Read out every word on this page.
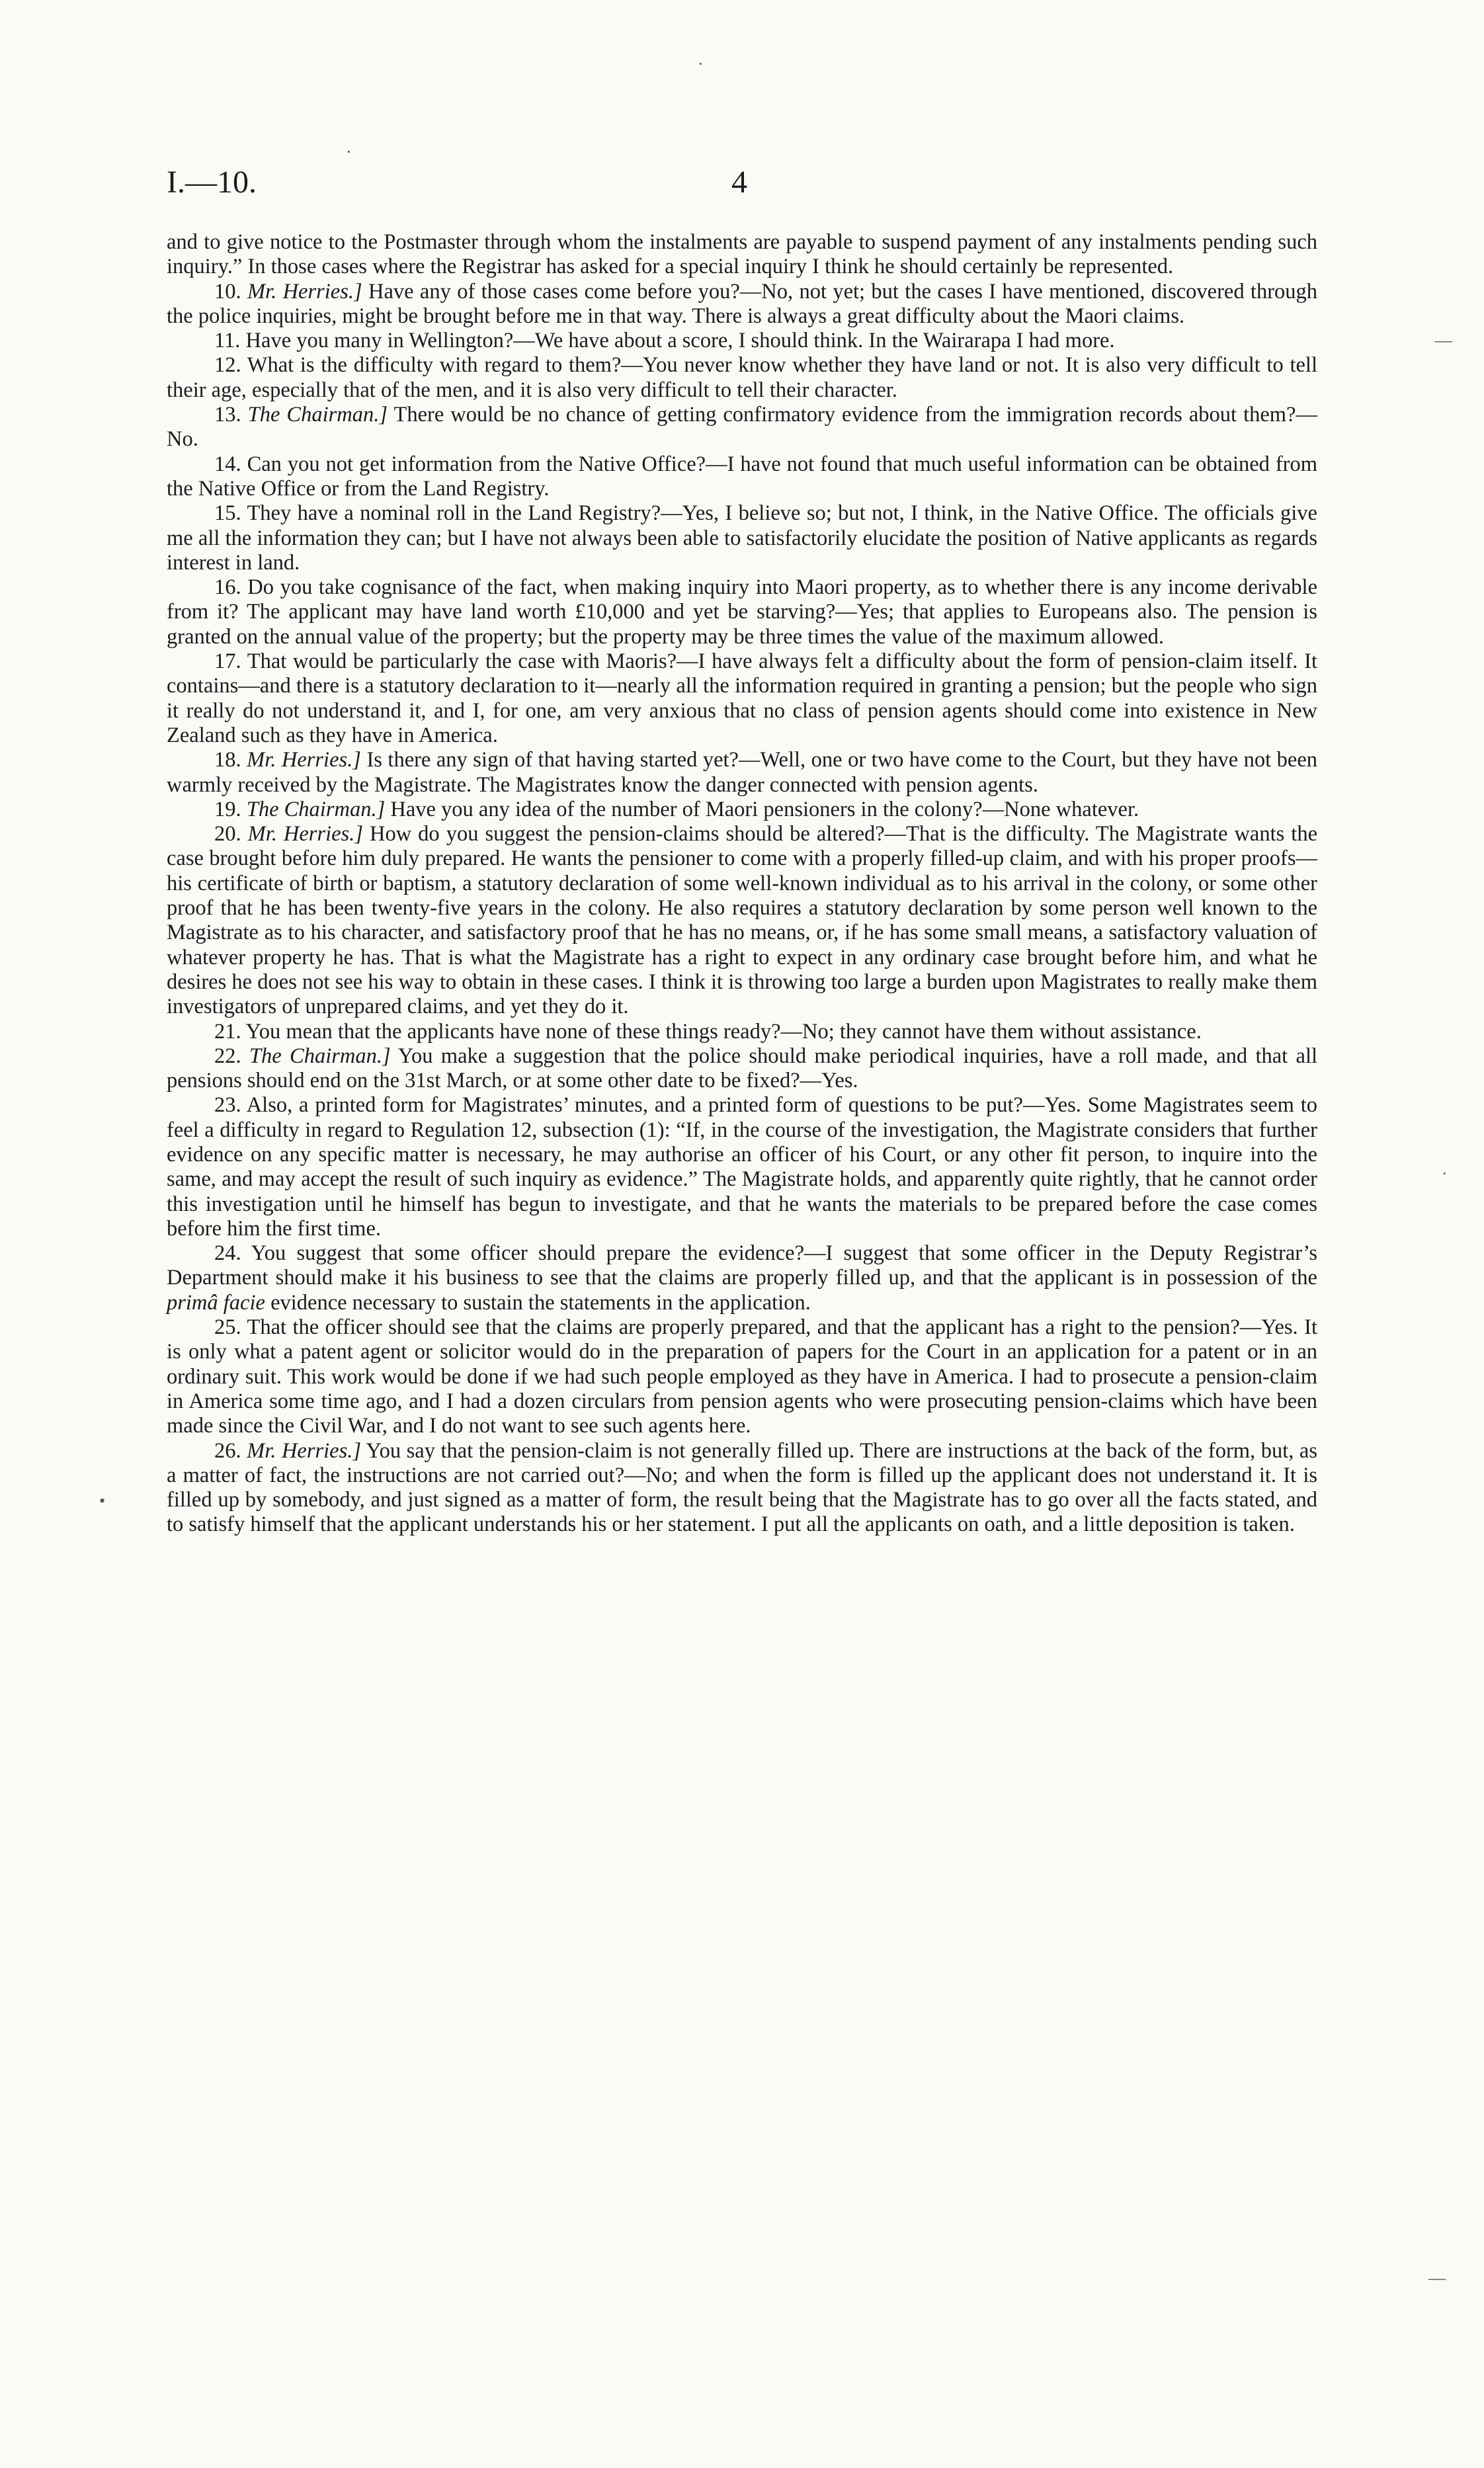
I.—10.	4

and to give notice to the Postmaster through whom the instalments are payable to suspend payment of any instalments pending such inquiry.” In those cases where the Registrar has asked for a special inquiry I think he should certainly be represented.

10. Mr. Herries.] Have any of those cases come before you?—No, not yet; but the cases I have mentioned, discovered through the police inquiries, might be brought before me in that way. There is always a great difficulty about the Maori claims.

11. Have you many in Wellington?—We have about a score, I should think. In the Wairarapa I had more.

12. What is the difficulty with regard to them?—You never know whether they have land or not. It is also very difficult to tell their age, especially that of the men, and it is also very difficult to tell their character.

13. The Chairman.] There would be no chance of getting confirmatory evidence from the immigration records about them?—No.

14. Can you not get information from the Native Office?—I have not found that much useful information can be obtained from the Native Office or from the Land Registry.

15. They have a nominal roll in the Land Registry?—Yes, I believe so; but not, I think, in the Native Office. The officials give me all the information they can; but I have not always been able to satisfactorily elucidate the position of Native applicants as regards interest in land.

16. Do you take cognisance of the fact, when making inquiry into Maori property, as to whether there is any income derivable from it? The applicant may have land worth £10,000 and yet be starving?—Yes; that applies to Europeans also. The pension is granted on the annual value of the property; but the property may be three times the value of the maximum allowed.

17. That would be particularly the case with Maoris?—I have always felt a difficulty about the form of pension-claim itself. It contains—and there is a statutory declaration to it—nearly all the information required in granting a pension; but the people who sign it really do not understand it, and I, for one, am very anxious that no class of pension agents should come into existence in New Zealand such as they have in America.

18. Mr. Herries.] Is there any sign of that having started yet?—Well, one or two have come to the Court, but they have not been warmly received by the Magistrate. The Magistrates know the danger connected with pension agents.

19. The Chairman.] Have you any idea of the number of Maori pensioners in the colony?—None whatever.

20. Mr. Herries.] How do you suggest the pension-claims should be altered?—That is the difficulty. The Magistrate wants the case brought before him duly prepared. He wants the pensioner to come with a properly filled-up claim, and with his proper proofs—his certificate of birth or baptism, a statutory declaration of some well-known individual as to his arrival in the colony, or some other proof that he has been twenty-five years in the colony. He also requires a statutory declaration by some person well known to the Magistrate as to his character, and satisfactory proof that he has no means, or, if he has some small means, a satisfactory valuation of whatever property he has. That is what the Magistrate has a right to expect in any ordinary case brought before him, and what he desires he does not see his way to obtain in these cases. I think it is throwing too large a burden upon Magistrates to really make them investigators of unprepared claims, and yet they do it.

21. You mean that the applicants have none of these things ready?—No; they cannot have them without assistance.

22. The Chairman.] You make a suggestion that the police should make periodical inquiries, have a roll made, and that all pensions should end on the 31st March, or at some other date to be fixed?—Yes.

23. Also, a printed form for Magistrates’ minutes, and a printed form of questions to be put?—Yes. Some Magistrates seem to feel a difficulty in regard to Regulation 12, subsection (1): “If, in the course of the investigation, the Magistrate considers that further evidence on any specific matter is necessary, he may authorise an officer of his Court, or any other fit person, to inquire into the same, and may accept the result of such inquiry as evidence.” The Magistrate holds, and apparently quite rightly, that he cannot order this investigation until he himself has begun to investigate, and that he wants the materials to be prepared before the case comes before him the first time.

24. You suggest that some officer should prepare the evidence?—I suggest that some officer in the Deputy Registrar’s Department should make it his business to see that the claims are properly filled up, and that the applicant is in possession of the primâ facie evidence necessary to sustain the statements in the application.

25. That the officer should see that the claims are properly prepared, and that the applicant has a right to the pension?—Yes. It is only what a patent agent or solicitor would do in the preparation of papers for the Court in an application for a patent or in an ordinary suit. This work would be done if we had such people employed as they have in America. I had to prosecute a pension-claim in America some time ago, and I had a dozen circulars from pension agents who were prosecuting pension-claims which have been made since the Civil War, and I do not want to see such agents here.

26. Mr. Herries.] You say that the pension-claim is not generally filled up. There are instructions at the back of the form, but, as a matter of fact, the instructions are not carried out?—No; and when the form is filled up the applicant does not understand it. It is filled up by somebody, and just signed as a matter of form, the result being that the Magistrate has to go over all the facts stated, and to satisfy himself that the applicant understands his or her statement. I put all the applicants on oath, and a little deposition is taken.

·
·
—
·
—
•
